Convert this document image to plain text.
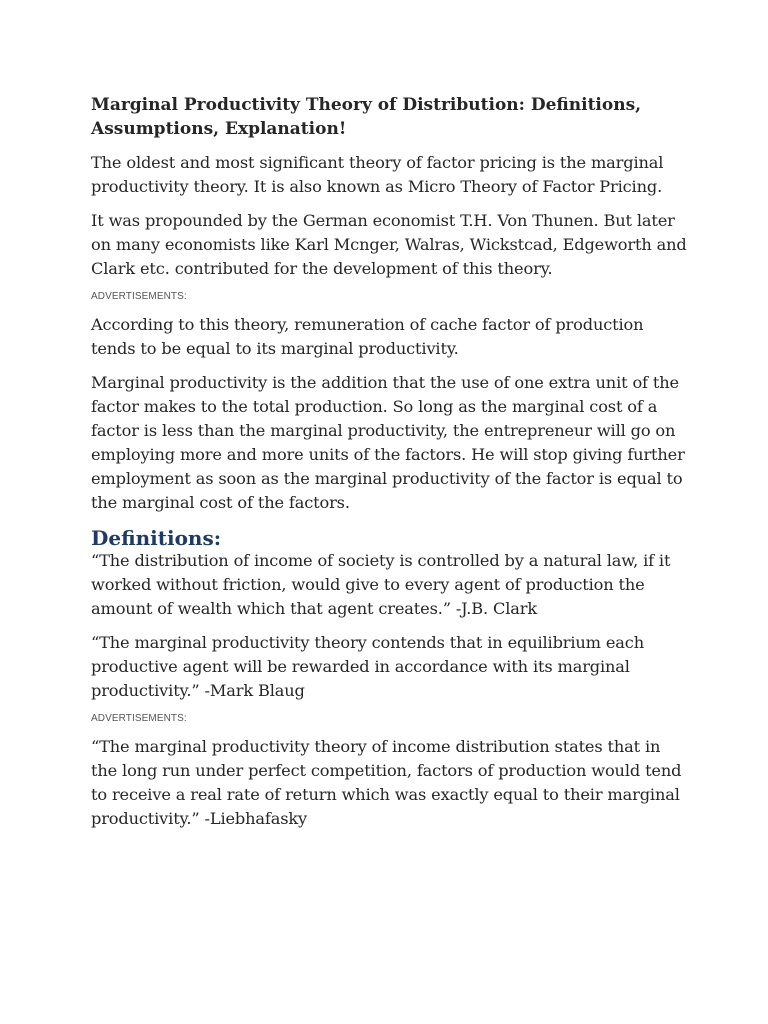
Marginal Productivity Theory of Distribution: Definitions, Assumptions, Explanation!

The oldest and most significant theory of factor pricing is the marginal productivity theory. It is also known as Micro Theory of Factor Pricing.

It was propounded by the German economist T.H. Von Thunen. But later on many economists like Karl Mcnger, Walras, Wickstcad, Edgeworth and Clark etc. contributed for the development of this theory.

ADVERTISEMENTS:

According to this theory, remuneration of cache factor of production tends to be equal to its marginal productivity.

Marginal productivity is the addition that the use of one extra unit of the factor makes to the total production. So long as the marginal cost of a factor is less than the marginal productivity, the entrepreneur will go on employing more and more units of the factors. He will stop giving further employment as soon as the marginal productivity of the factor is equal to the marginal cost of the factors.

Definitions:

“The distribution of income of society is controlled by a natural law, if it worked without friction, would give to every agent of production the amount of wealth which that agent creates.” -J.B. Clark

“The marginal productivity theory contends that in equilibrium each productive agent will be rewarded in accordance with its marginal productivity.” -Mark Blaug

ADVERTISEMENTS:

“The marginal productivity theory of income distribution states that in the long run under perfect competition, factors of production would tend to receive a real rate of return which was exactly equal to their marginal productivity.” -Liebhafasky
